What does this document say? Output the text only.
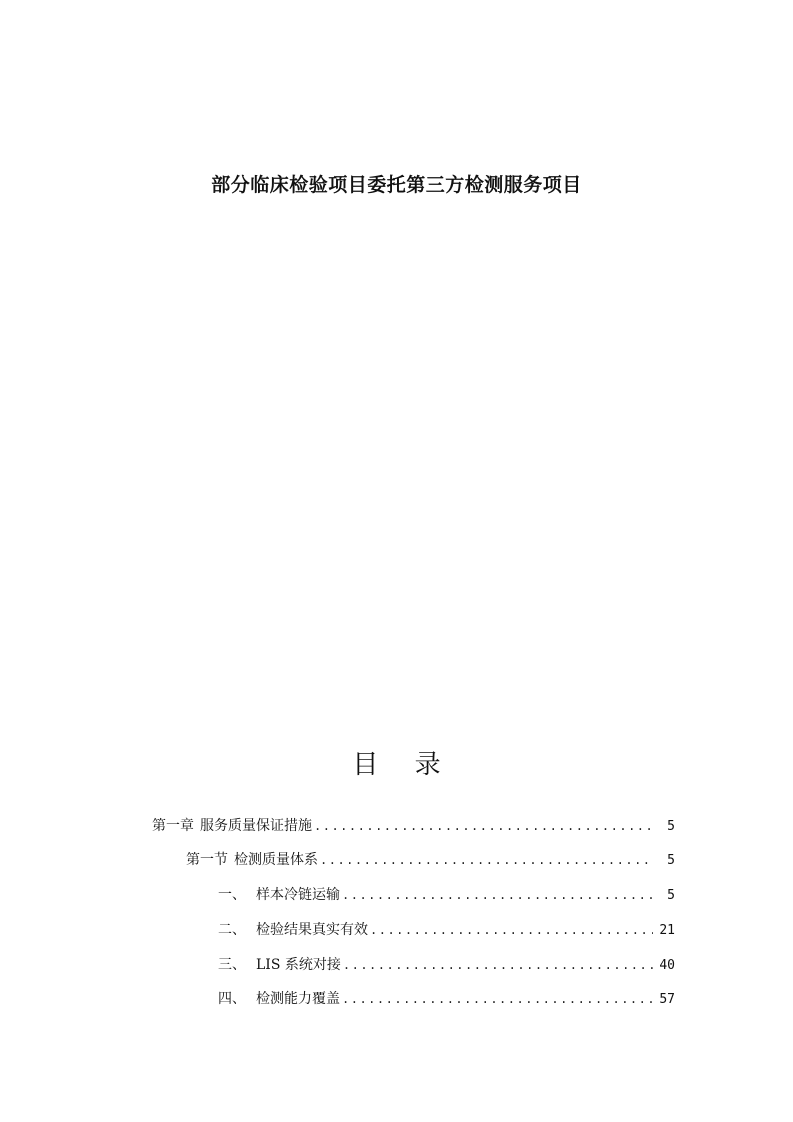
部分临床检验项目委托第三方检测服务项目
目 录
第一章 服务质量保证措施 .....	5
第一节 检测质量体系 .....	5
一、 样本冷链运输 .....	5
二、 检验结果真实有效 .....	21
三、 LIS 系统对接 .....	40
四、 检测能力覆盖 .....	57
